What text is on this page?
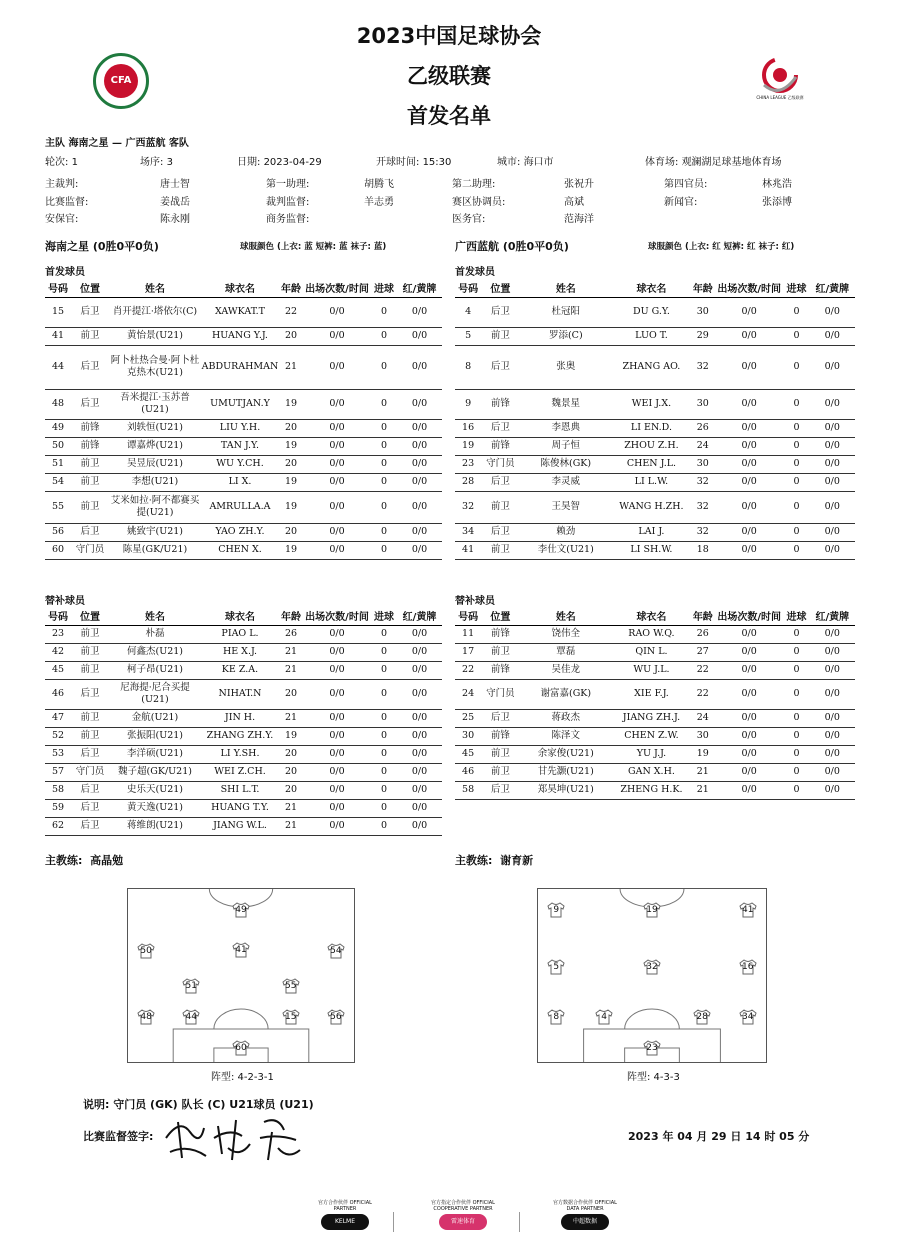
2023中国足球协会
乙级联赛
首发名单
CFA
CHINA LEAGUE 乙级联赛
主队 海南之星 — 广西蓝航 客队
轮次: 1	场序: 3	日期: 2023-04-29	开球时间: 15:30	城市: 海口市	体育场: 观澜湖足球基地体育场
主裁判:	唐士智	第一助理:	胡腾飞	第二助理:	张祝升	第四官员:	林兆浩
比赛监督:	姜战岳	裁判监督:	羊志勇	赛区协调员:	高斌	新闻官:	张添博
安保官:	陈永刚	商务监督:	医务官:	范海洋
海南之星 (0胜0平0负)	球服颜色 (上衣: 蓝 短裤: 蓝 袜子: 蓝)	广西蓝航 (0胜0平0负)	球服颜色 (上衣: 红 短裤: 红 袜子: 红)
首发球员	首发球员
号码	位置	姓名	球衣名	年龄	出场次数/时间	进球	红/黄牌
15	后卫	肖开提江·塔依尔(C)	XAWKAT.T	22	0/0	0	0/0
41	前卫	黄怡景(U21)	HUANG Y.J.	20	0/0	0	0/0
44	后卫	阿卜杜热合曼·阿卜杜克热木(U21)	ABDURAHMAN	21	0/0	0	0/0
48	后卫	吾米提江·玉苏普(U21)	UMUTJAN.Y	19	0/0	0	0/0
49	前锋	刘轶恒(U21)	LIU Y.H.	20	0/0	0	0/0
50	前锋	谭嘉烨(U21)	TAN J.Y.	19	0/0	0	0/0
51	前卫	吴昱辰(U21)	WU Y.CH.	20	0/0	0	0/0
54	前卫	李想(U21)	LI X.	19	0/0	0	0/0
55	前卫	艾米如拉·阿不都赛买提(U21)	AMRULLA.A	19	0/0	0	0/0
56	后卫	姚致宇(U21)	YAO ZH.Y.	20	0/0	0	0/0
60	守门员	陈星(GK/U21)	CHEN X.	19	0/0	0	0/0
号码	位置	姓名	球衣名	年龄	出场次数/时间	进球	红/黄牌
4	后卫	杜冠阳	DU G.Y.	30	0/0	0	0/0
5	前卫	罗添(C)	LUO T.	29	0/0	0	0/0
8	后卫	张奥	ZHANG AO.	32	0/0	0	0/0
9	前锋	魏景星	WEI J.X.	30	0/0	0	0/0
16	后卫	李恩典	LI EN.D.	26	0/0	0	0/0
19	前锋	周子恒	ZHOU Z.H.	24	0/0	0	0/0
23	守门员	陈俊林(GK)	CHEN J.L.	30	0/0	0	0/0
28	后卫	李灵威	LI L.W.	32	0/0	0	0/0
32	前卫	王昊智	WANG H.ZH.	32	0/0	0	0/0
34	后卫	赖劲	LAI J.	32	0/0	0	0/0
41	前卫	李仕文(U21)	LI SH.W.	18	0/0	0	0/0
替补球员	替补球员
号码	位置	姓名	球衣名	年龄	出场次数/时间	进球	红/黄牌
23	前卫	朴磊	PIAO L.	26	0/0	0	0/0
42	前卫	何鑫杰(U21)	HE X.J.	21	0/0	0	0/0
45	前卫	柯子昂(U21)	KE Z.A.	21	0/0	0	0/0
46	后卫	尼海提·尼合买提(U21)	NIHAT.N	20	0/0	0	0/0
47	前卫	金航(U21)	JIN H.	21	0/0	0	0/0
52	前卫	张振阳(U21)	ZHANG ZH.Y.	19	0/0	0	0/0
53	后卫	李洋硕(U21)	LI Y.SH.	20	0/0	0	0/0
57	守门员	魏子超(GK/U21)	WEI Z.CH.	20	0/0	0	0/0
58	后卫	史乐天(U21)	SHI L.T.	20	0/0	0	0/0
59	后卫	黄天逸(U21)	HUANG T.Y.	21	0/0	0	0/0
62	后卫	蒋维朗(U21)	JIANG W.L.	21	0/0	0	0/0
号码	位置	姓名	球衣名	年龄	出场次数/时间	进球	红/黄牌
11	前锋	饶伟全	RAO W.Q.	26	0/0	0	0/0
17	前卫	覃磊	QIN L.	27	0/0	0	0/0
22	前锋	吴佳龙	WU J.L.	22	0/0	0	0/0
24	守门员	谢富嘉(GK)	XIE F.J.	22	0/0	0	0/0
25	后卫	蒋政杰	JIANG ZH.J.	24	0/0	0	0/0
30	前锋	陈泽文	CHEN Z.W.	30	0/0	0	0/0
45	前卫	余家俊(U21)	YU J.J.	19	0/0	0	0/0
46	前卫	甘先灏(U21)	GAN X.H.	21	0/0	0	0/0
58	后卫	郑昊坤(U21)	ZHENG H.K.	21	0/0	0	0/0
主教练: 高晶勉	主教练: 谢育新
49
50	41	54
51	55
48	44	15	56
60
阵型: 4-2-3-1
9	19	41
5	32	16
8	4	28	34
23
阵型: 4-3-3
说明: 守门员 (GK) 队长 (C) U21球员 (U21)
比赛监督签字:	2023 年 04 月 29 日 14 时 05 分
官方合作伙伴 OFFICIAL PARTNER
KELME
官方指定合作伙伴 OFFICIAL COOPERATIVE PARTNER
雷速体育
官方数据合作伙伴 OFFICIAL DATA PARTNER
中超数据
